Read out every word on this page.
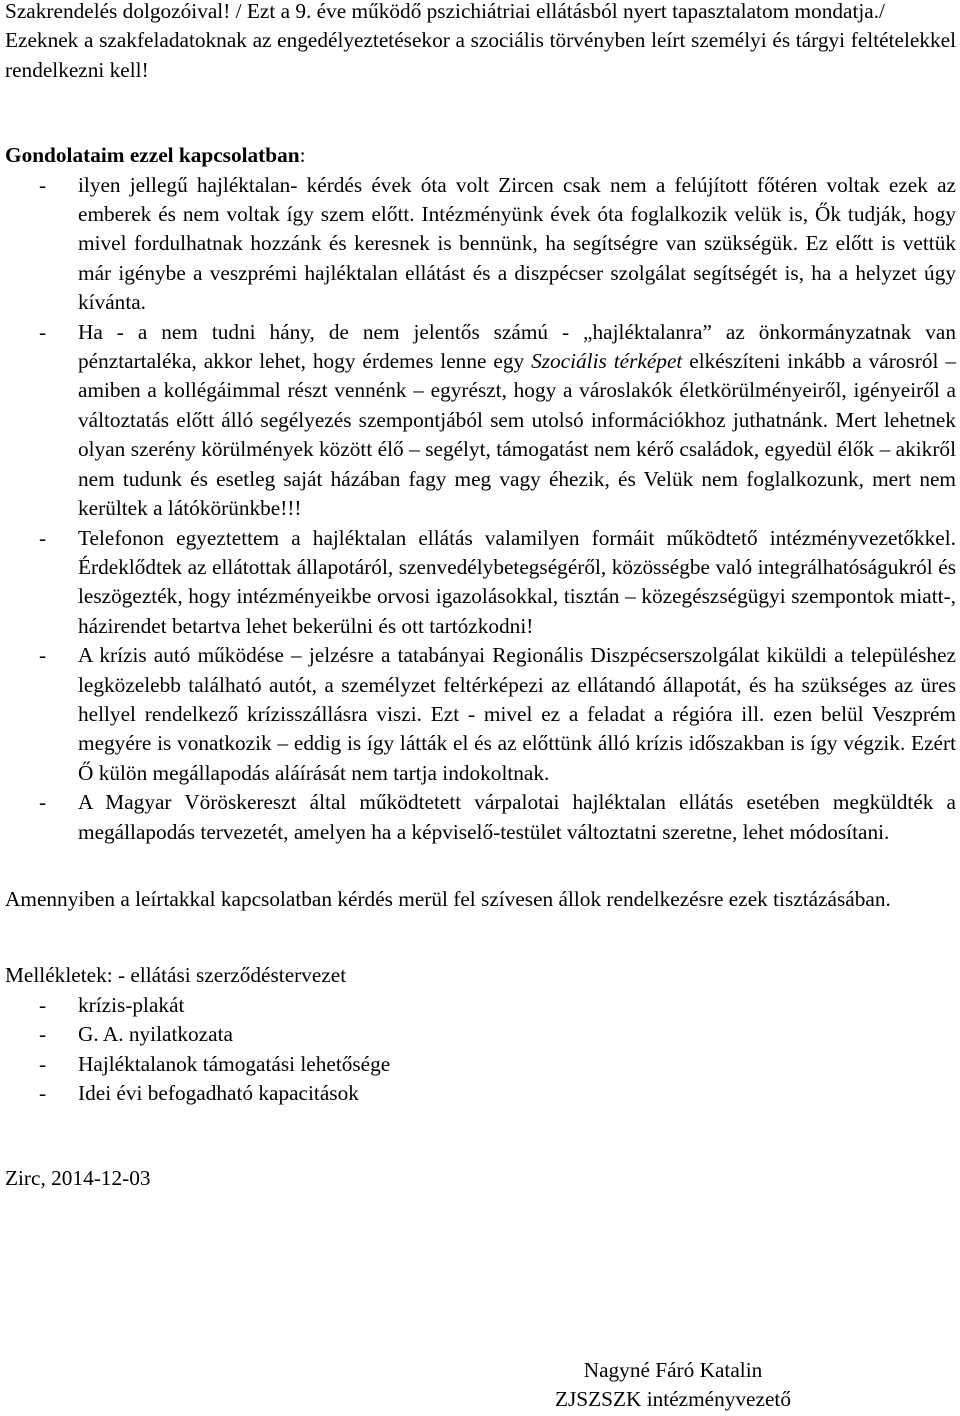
Szakrendelés dolgozóival! / Ezt a 9. éve működő pszichiátriai ellátásból nyert tapasztalatom mondatja./

Ezeknek a szakfeladatoknak az engedélyeztetésekor a szociális törvényben leírt személyi és tárgyi feltételekkel rendelkezni kell!

Gondolataim ezzel kapcsolatban:

- ilyen jellegű hajléktalan- kérdés évek óta volt Zircen csak nem a felújított főtéren voltak ezek az emberek és nem voltak így szem előtt. Intézményünk évek óta foglalkozik velük is, Ők tudják, hogy mivel fordulhatnak hozzánk és keresnek is bennünk, ha segítségre van szükségük. Ez előtt is vettük már igénybe a veszprémi hajléktalan ellátást és a diszpécser szolgálat segítségét is, ha a helyzet úgy kívánta.

- Ha - a nem tudni hány, de nem jelentős számú - „hajléktalanra” az önkormányzatnak van pénztartaléka, akkor lehet, hogy érdemes lenne egy Szociális térképet elkészíteni inkább a városról – amiben a kollégáimmal részt vennénk – egyrészt, hogy a városlakók életkörülményeiről, igényeiről a változtatás előtt álló segélyezés szempontjából sem utolsó információkhoz juthatnánk. Mert lehetnek olyan szerény körülmények között élő – segélyt, támogatást nem kérő családok, egyedül élők – akikről nem tudunk és esetleg saját házában fagy meg vagy éhezik, és Velük nem foglalkozunk, mert nem kerültek a látókörünkbe!!!

- Telefonon egyeztettem a hajléktalan ellátás valamilyen formáit működtető intézményvezetőkkel. Érdeklődtek az ellátottak állapotáról, szenvedélybetegségéről, közösségbe való integrálhatóságukról és leszögezték, hogy intézményeikbe orvosi igazolásokkal, tisztán – közegészségügyi szempontok miatt-, házirendet betartva lehet bekerülni és ott tartózkodni!

- A krízis autó működése – jelzésre a tatabányai Regionális Diszpécserszolgálat kiküldi a településhez legközelebb található autót, a személyzet feltérképezi az ellátandó állapotát, és ha szükséges az üres hellyel rendelkező krízisszállásra viszi. Ezt - mivel ez a feladat a régióra ill. ezen belül Veszprém megyére is vonatkozik – eddig is így látták el és az előttünk álló krízis időszakban is így végzik. Ezért Ő külön megállapodás aláírását nem tartja indokoltnak.

- A Magyar Vöröskereszt által működtetett várpalotai hajléktalan ellátás esetében megküldték a megállapodás tervezetét, amelyen ha a képviselő-testület változtatni szeretne, lehet módosítani.

Amennyiben a leírtakkal kapcsolatban kérdés merül fel szívesen állok rendelkezésre ezek tisztázásában.

Mellékletek: - ellátási szerződéstervezet

- krízis-plakát

- G. A. nyilatkozata

- Hajléktalanok támogatási lehetősége

- Idei évi befogadható kapacitások

Zirc, 2014-12-03

Nagyné Fáró Katalin
ZJSZSZK intézményvezető
